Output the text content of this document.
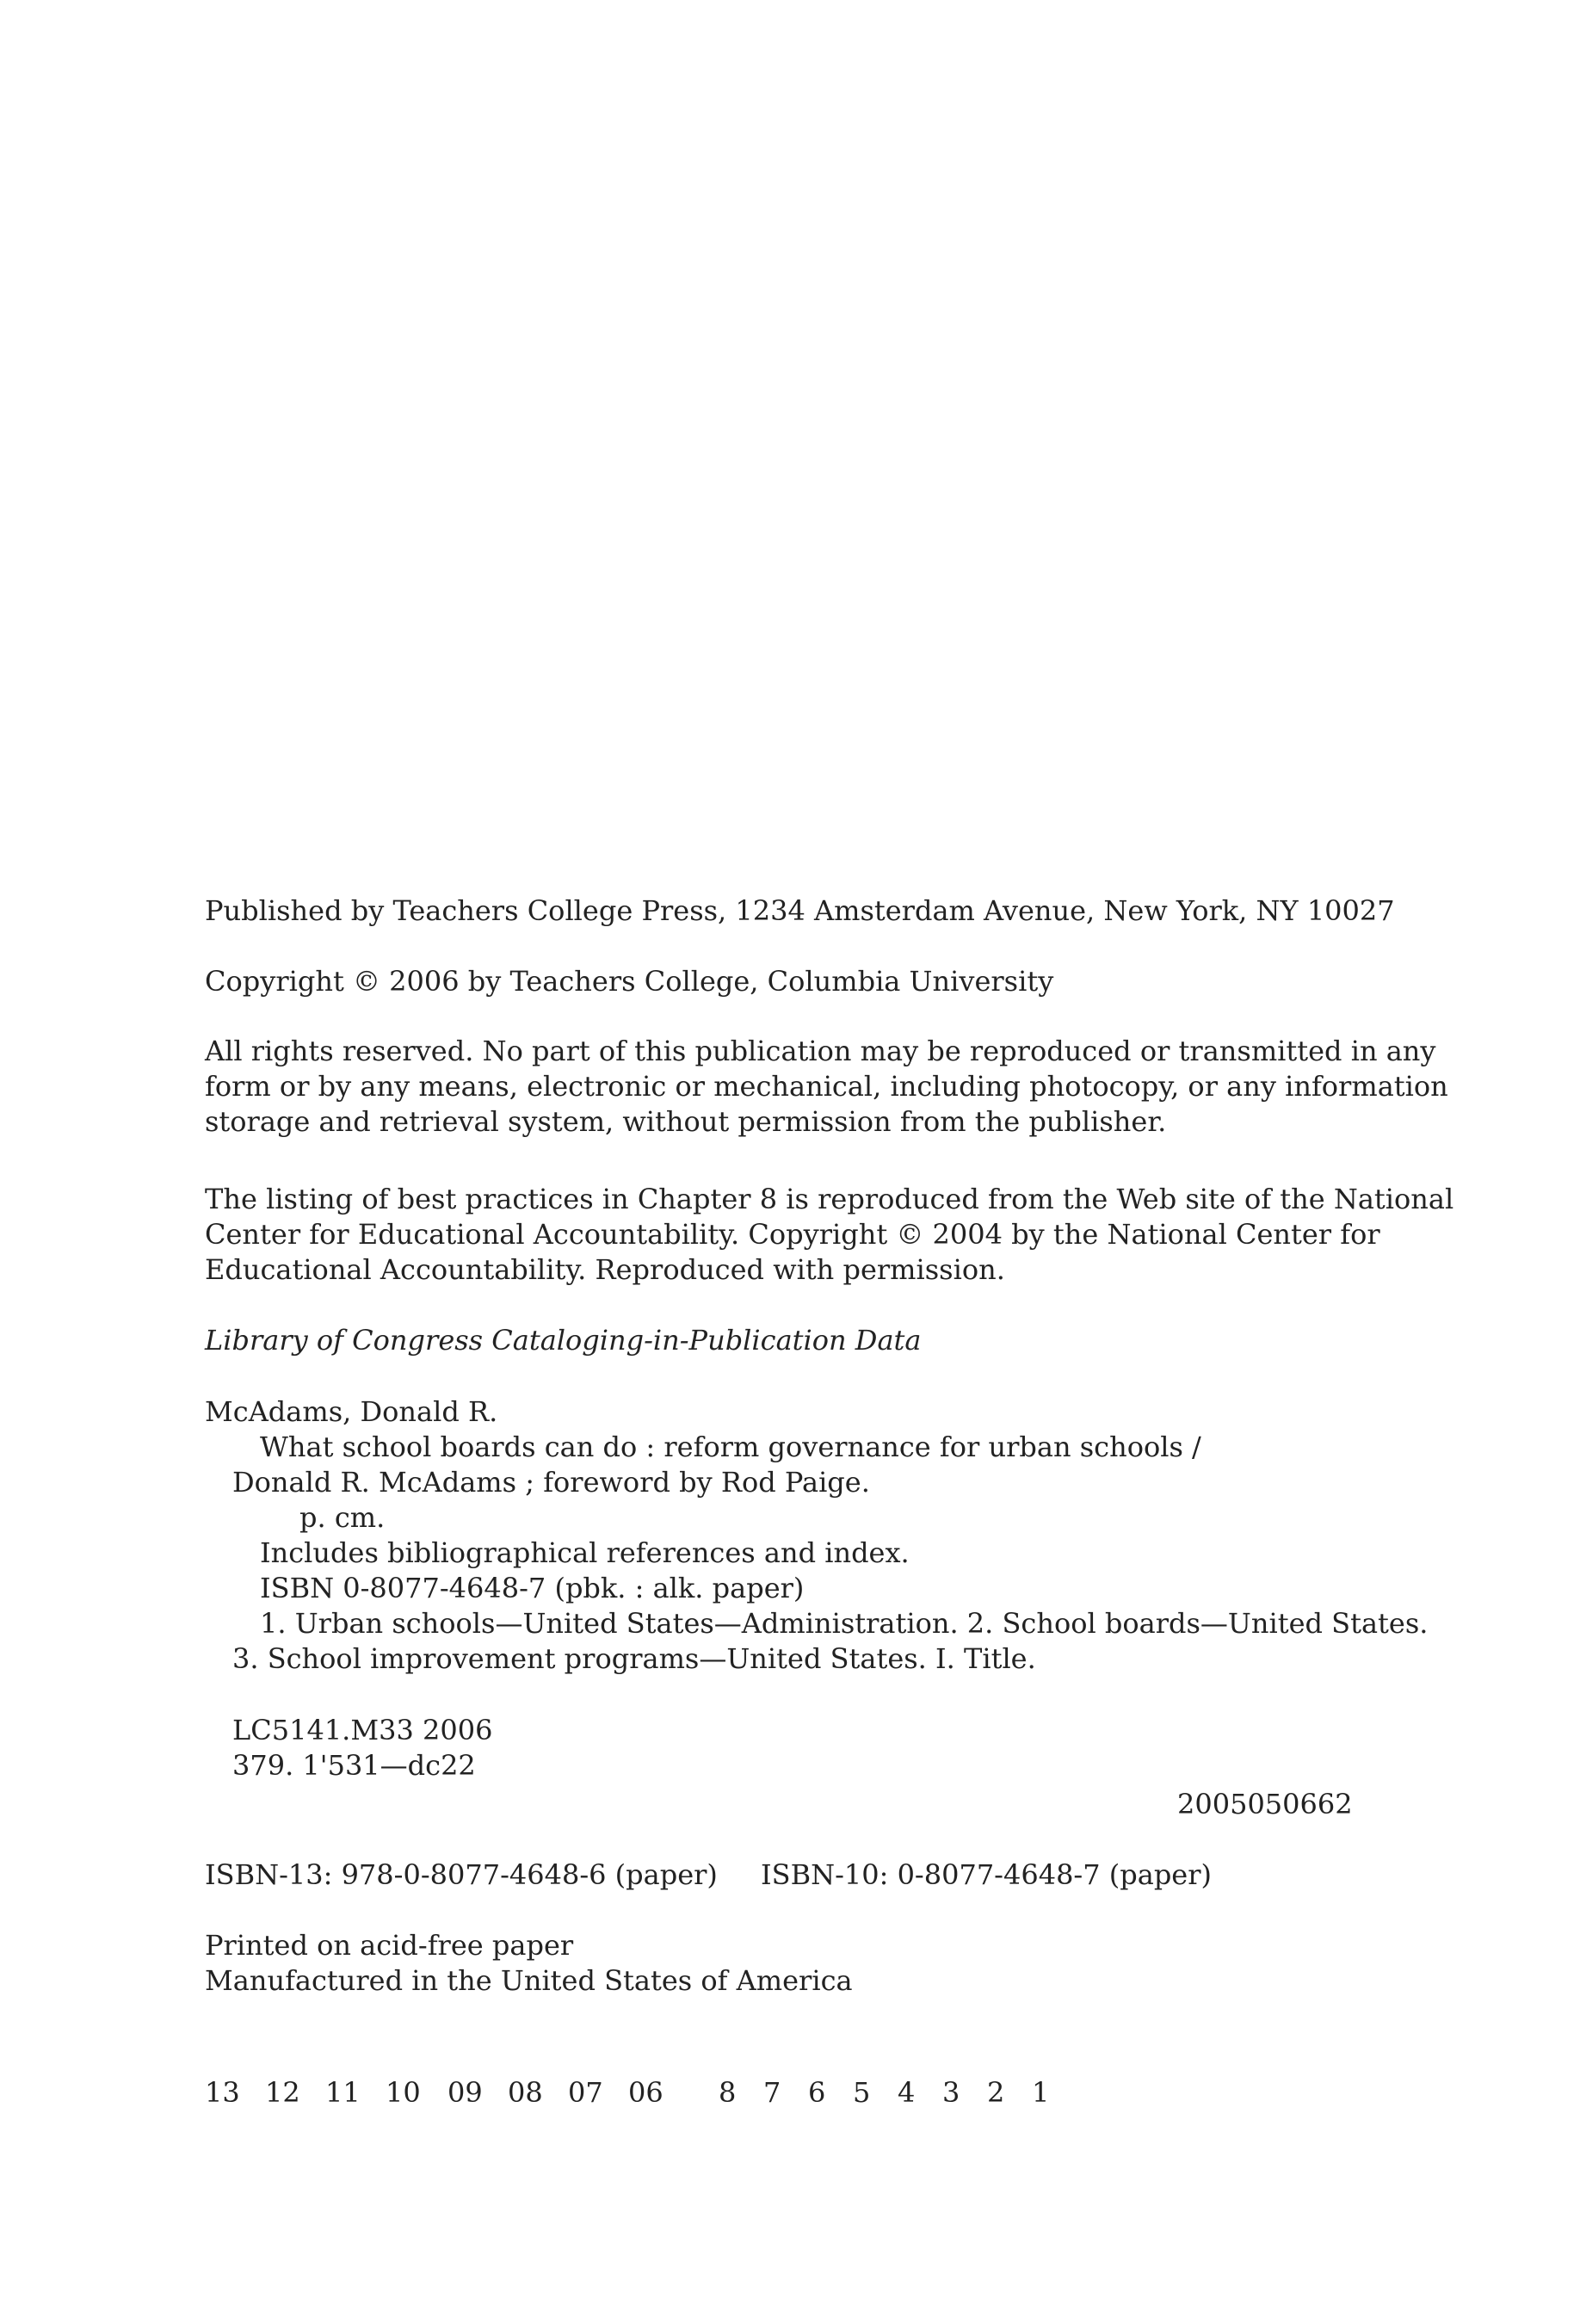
Published by Teachers College Press, 1234 Amsterdam Avenue, New York, NY 10027
Copyright © 2006 by Teachers College, Columbia University
All rights reserved. No part of this publication may be reproduced or transmitted in any
form or by any means, electronic or mechanical, including photocopy, or any information
storage and retrieval system, without permission from the publisher.
The listing of best practices in Chapter 8 is reproduced from the Web site of the National
Center for Educational Accountability. Copyright © 2004 by the National Center for
Educational Accountability. Reproduced with permission.
Library of Congress Cataloging-in-Publication Data
McAdams, Donald R.
What school boards can do : reform governance for urban schools /
Donald R. McAdams ; foreword by Rod Paige.
p. cm.
Includes bibliographical references and index.
ISBN 0-8077-4648-7 (pbk. : alk. paper)
1. Urban schools—United States—Administration. 2. School boards—United States.
3. School improvement programs—United States. I. Title.
LC5141.M33 2006
379. 1'531—dc22
2005050662
ISBN-13: 978-0-8077-4648-6 (paper) ISBN-10: 0-8077-4648-7 (paper)
Printed on acid-free paper
Manufactured in the United States of America
13 12 11 10 09 08 07 06	8 7 6 5 4 3 2 1
